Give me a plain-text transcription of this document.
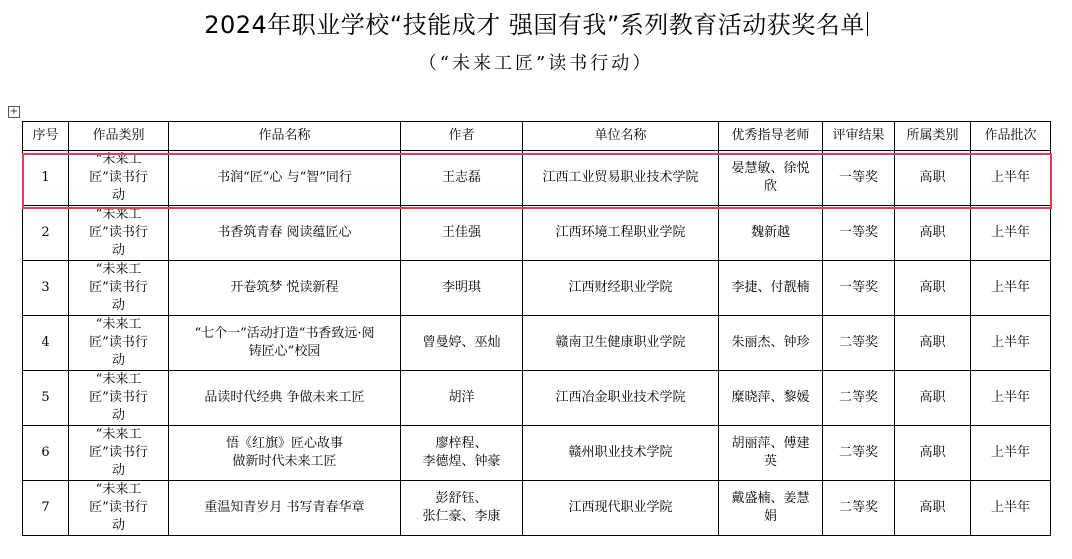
2024年职业学校“技能成才 强国有我”系列教育活动获奖名单
（“未来工匠”读书行动）
+
序号	作品类别	作品名称	作者	单位名称	优秀指导老师	评审结果	所属类别	作品批次
1	“未来工
匠”读书行
动	书润“匠”心 与“智”同行	王志磊	江西工业贸易职业技术学院	晏慧敏、徐悦
欣	一等奖	高职	上半年
2	“未来工
匠”读书行
动	书香筑青春 阅读蕴匠心	王佳强	江西环境工程职业学院	魏新越	一等奖	高职	上半年
3	“未来工
匠”读书行
动	开卷筑梦 悦读新程	李明琪	江西财经职业学院	李捷、付靓楠	一等奖	高职	上半年
4	“未来工
匠”读书行
动	“七个一”活动打造“书香致远·阅
铸匠心”校园	曾曼婷、巫灿	赣南卫生健康职业学院	朱丽杰、钟珍	二等奖	高职	上半年
5	“未来工
匠”读书行
动	品读时代经典 争做未来工匠	胡洋	江西冶金职业技术学院	糜晓萍、黎媛	二等奖	高职	上半年
6	“未来工
匠”读书行
动	悟《红旗》匠心故事
做新时代未来工匠	廖梓程、
李德煌、钟豪	赣州职业技术学院	胡丽萍、傅建
英	二等奖	高职	上半年
7	“未来工
匠”读书行
动	重温知青岁月 书写青春华章	彭舒钰、
张仁豪、李康	江西现代职业学院	戴盛楠、姜慧
娟	二等奖	高职	上半年
